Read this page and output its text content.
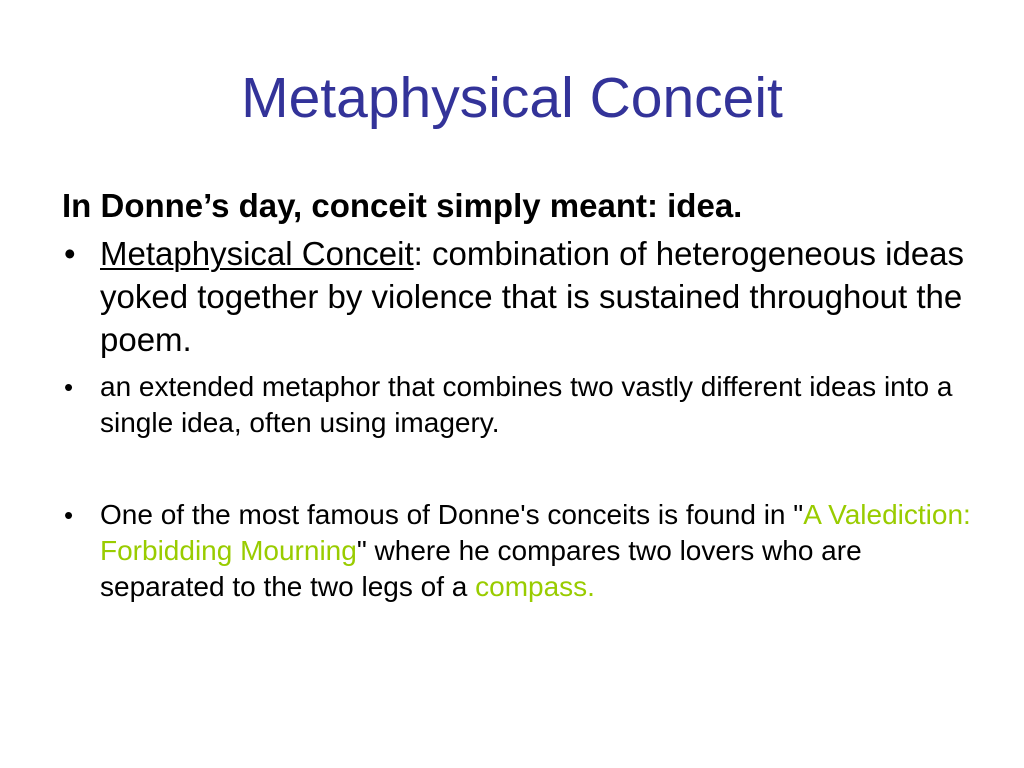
Metaphysical Conceit
In Donne’s day, conceit simply meant: idea.
• Metaphysical Conceit: combination of heterogeneous ideas yoked together by violence that is sustained throughout the poem.
• an extended metaphor that combines two vastly different ideas into a single idea, often using imagery.
• One of the most famous of Donne's conceits is found in "A Valediction: Forbidding Mourning" where he compares two lovers who are separated to the two legs of a compass.
